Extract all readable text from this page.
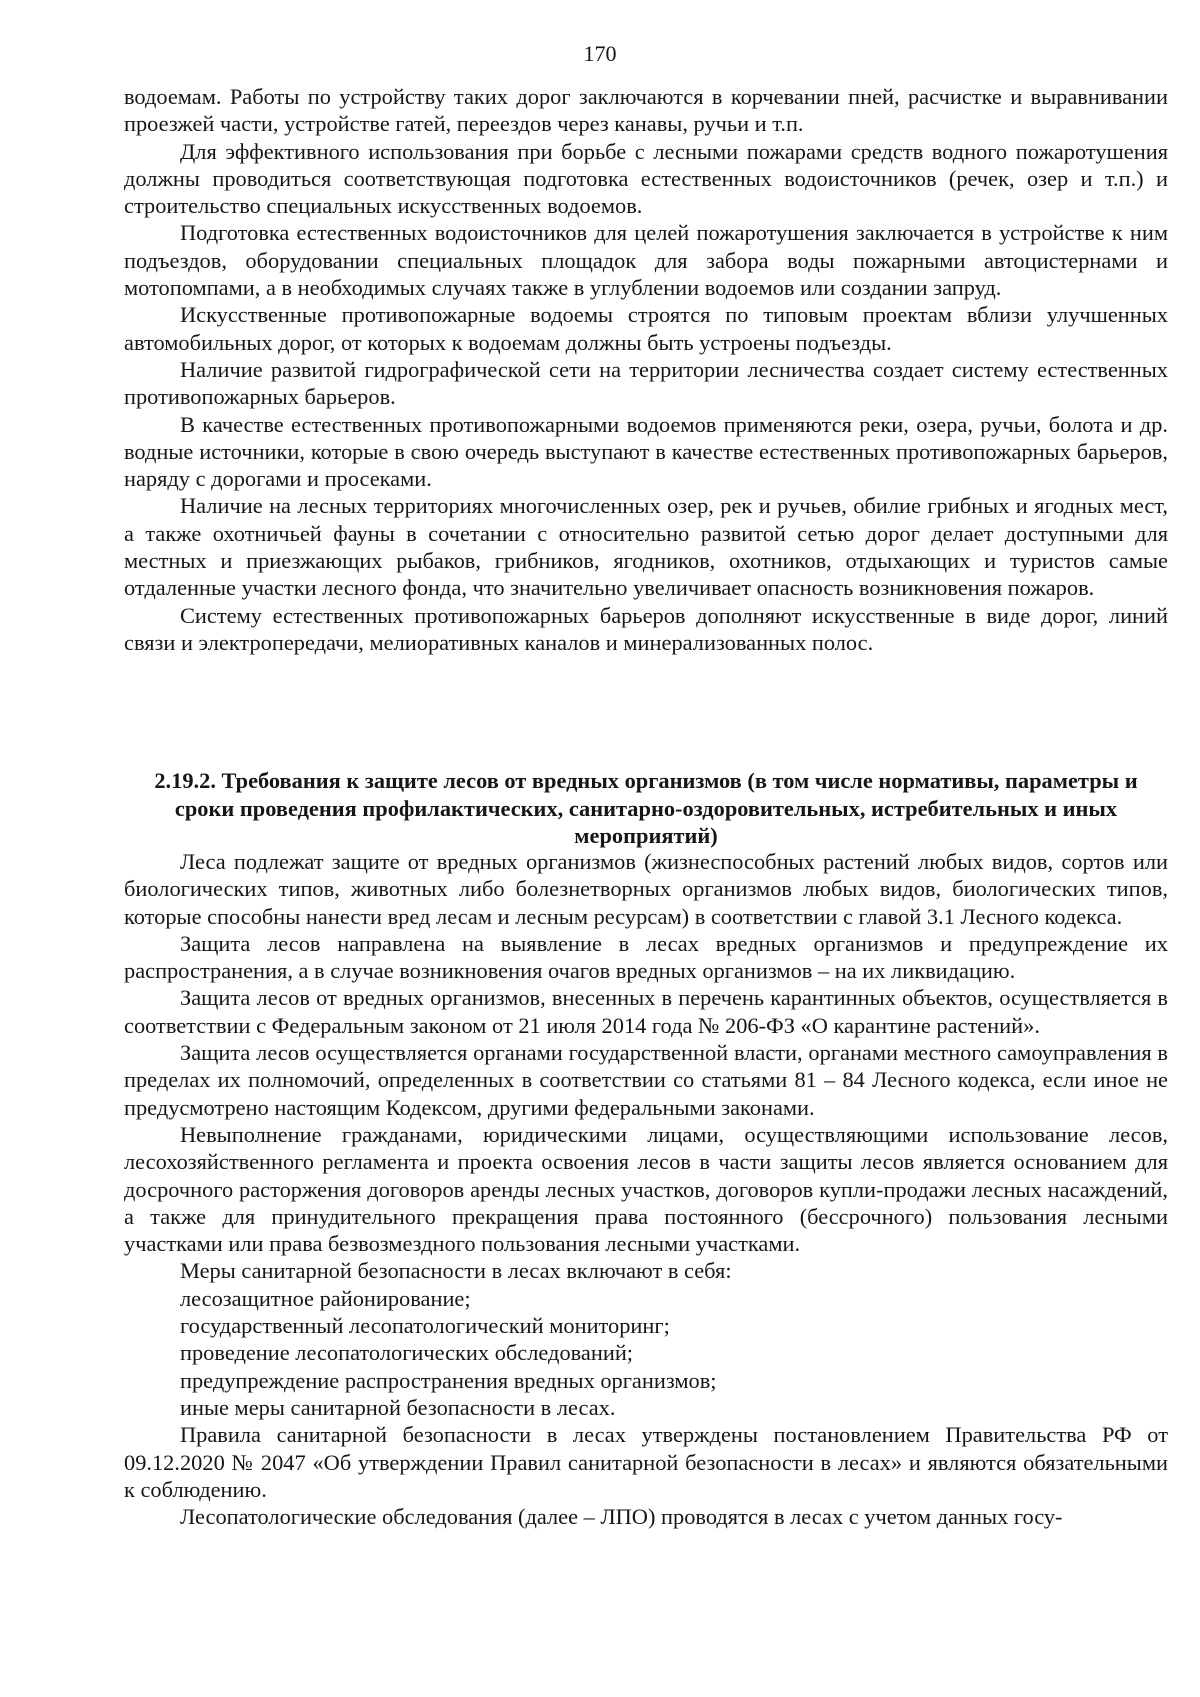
170

водоемам. Работы по устройству таких дорог заключаются в корчевании пней, расчистке и выравнивании проезжей части, устройстве гатей, переездов через канавы, ручьи и т.п.

Для эффективного использования при борьбе с лесными пожарами средств водного пожаротушения должны проводиться соответствующая подготовка естественных водоисточников (речек, озер и т.п.) и строительство специальных искусственных водоемов.

Подготовка естественных водоисточников для целей пожаротушения заключается в устройстве к ним подъездов, оборудовании специальных площадок для забора воды пожарными автоцистернами и мотопомпами, а в необходимых случаях также в углублении водоемов или создании запруд.

Искусственные противопожарные водоемы строятся по типовым проектам вблизи улучшенных автомобильных дорог, от которых к водоемам должны быть устроены подъезды.

Наличие развитой гидрографической сети на территории лесничества создает систему естественных противопожарных барьеров.

В качестве естественных противопожарными водоемов применяются реки, озера, ручьи, болота и др. водные источники, которые в свою очередь выступают в качестве естественных противопожарных барьеров, наряду с дорогами и просеками.

Наличие на лесных территориях многочисленных озер, рек и ручьев, обилие грибных и ягодных мест, а также охотничьей фауны в сочетании с относительно развитой сетью дорог делает доступными для местных и приезжающих рыбаков, грибников, ягодников, охотников, отдыхающих и туристов самые отдаленные участки лесного фонда, что значительно увеличивает опасность возникновения пожаров.

Систему естественных противопожарных барьеров дополняют искусственные в виде дорог, линий связи и электропередачи, мелиоративных каналов и минерализованных полос.

2.19.2. Требования к защите лесов от вредных организмов (в том числе нормативы, параметры и сроки проведения профилактических, санитарно-оздоровительных, истребительных и иных мероприятий)

Леса подлежат защите от вредных организмов (жизнеспособных растений любых видов, сортов или биологических типов, животных либо болезнетворных организмов любых видов, биологических типов, которые способны нанести вред лесам и лесным ресурсам) в соответствии с главой 3.1 Лесного кодекса.

Защита лесов направлена на выявление в лесах вредных организмов и предупреждение их распространения, а в случае возникновения очагов вредных организмов – на их ликвидацию.

Защита лесов от вредных организмов, внесенных в перечень карантинных объектов, осуществляется в соответствии с Федеральным законом от 21 июля 2014 года № 206-ФЗ «О карантине растений».

Защита лесов осуществляется органами государственной власти, органами местного самоуправления в пределах их полномочий, определенных в соответствии со статьями 81 – 84 Лесного кодекса, если иное не предусмотрено настоящим Кодексом, другими федеральными законами.

Невыполнение гражданами, юридическими лицами, осуществляющими использование лесов, лесохозяйственного регламента и проекта освоения лесов в части защиты лесов является основанием для досрочного расторжения договоров аренды лесных участков, договоров купли-продажи лесных насаждений, а также для принудительного прекращения права постоянного (бессрочного) пользования лесными участками или права безвозмездного пользования лесными участками.

Меры санитарной безопасности в лесах включают в себя:

лесозащитное районирование;

государственный лесопатологический мониторинг;

проведение лесопатологических обследований;

предупреждение распространения вредных организмов;

иные меры санитарной безопасности в лесах.

Правила санитарной безопасности в лесах утверждены постановлением Правительства РФ от 09.12.2020 № 2047 «Об утверждении Правил санитарной безопасности в лесах» и являются обязательными к соблюдению.

Лесопатологические обследования (далее – ЛПО) проводятся в лесах с учетом данных госу-
